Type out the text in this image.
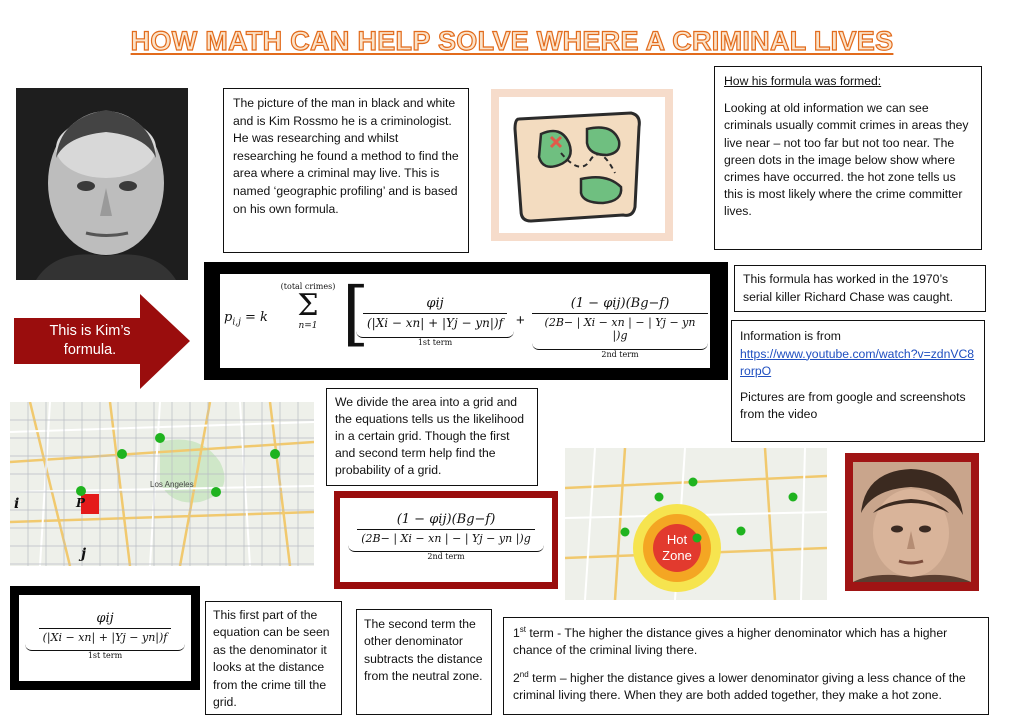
HOW MATH CAN HELP SOLVE WHERE A CRIMINAL LIVES
The picture of the man in black and white and is Kim Rossmo he is a criminologist. He was researching and whilst researching he found a method to find the area where a criminal may live. This is named ‘geographic profiling’ and is based on his own formula.
How his formula was formed:
Looking at old information we can see criminals usually commit crimes in areas they live near – not too far but not too near. The green dots in the image below show where crimes have occurred. the hot zone tells us this is most likely where the crime committer lives.
This is Kim’s formula.
$p_{i,j} = k$
(total crimes)
Σ
n=1 [
$\frac{\text{φij}}{(|Xi - xn| + |Yj - yn|)f}$
1st term
+ $\frac{\text{(1 − φij)(Bg−f)}}{(2B- | Xi - xn | - | Yj - yn |)g}$
2nd term
This formula has worked in the 1970’s serial killer Richard Chase was caught.
Information is from
https://www.youtube.com/watch?v=zdnVC8rorpO
Pictures are from google and screenshots from the video
Los Angeles
i
j
P
We divide the area into a grid and the equations tells us the likelihood in a certain grid. Though the first and second term help find the probability of a grid.
$\frac{\text{(1 − φij)(Bg−f)}}{(2B- | Xi - xn | - | Yj - yn |)g}$
2nd term
Hot
Zone
$\frac{\text{φij}}{(|Xi - xn| + |Yj - yn|)f}$
1st term
This first part of the equation can be seen as the denominator it looks at the distance from the crime till the grid.
The second term the other denominator subtracts the distance from the neutral zone.
1st term - The higher the distance gives a higher denominator which has a higher chance of the criminal living there.
2nd term – higher the distance gives a lower denominator giving a less chance of the criminal living there. When they are both added together, they make a hot zone.
